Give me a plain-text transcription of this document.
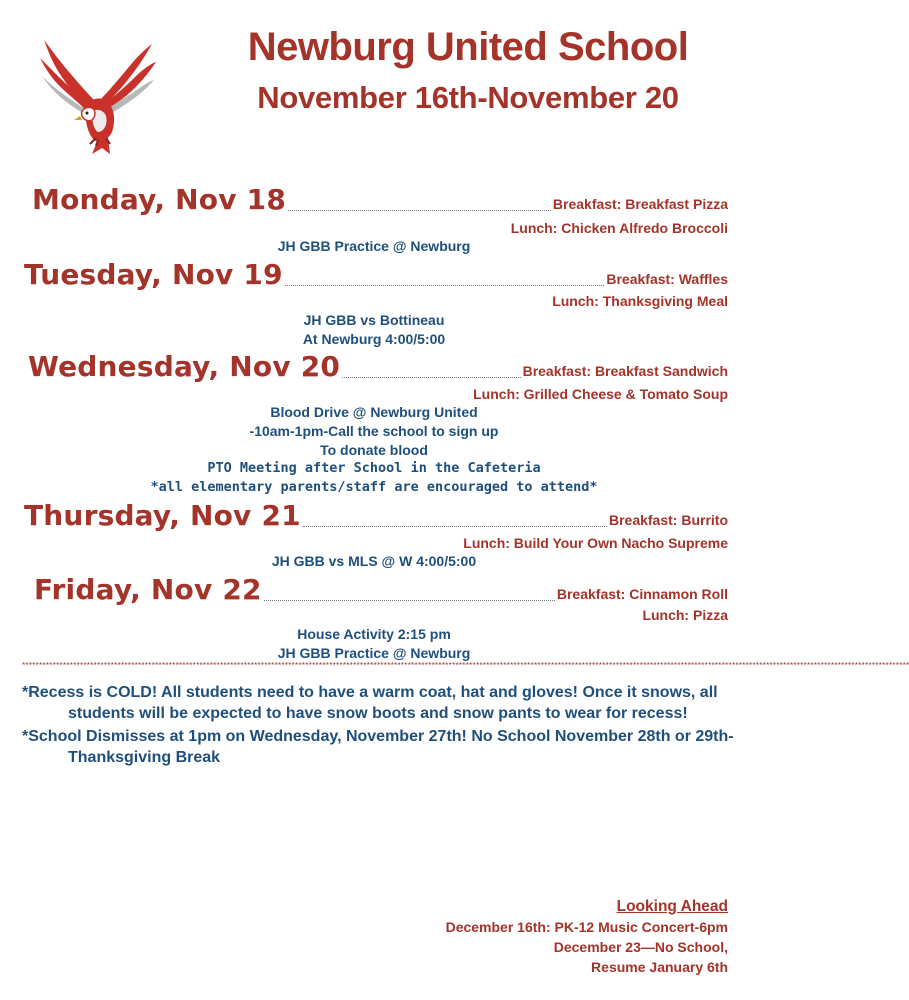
Newburg United School
November 16th-November 20
Monday, Nov 18	Breakfast: Breakfast Pizza
Lunch: Chicken Alfredo Broccoli
JH GBB Practice @ Newburg
Tuesday, Nov 19	Breakfast: Waffles
Lunch: Thanksgiving Meal
JH GBB vs Bottineau
At Newburg 4:00/5:00
Wednesday, Nov 20	Breakfast: Breakfast Sandwich
Lunch: Grilled Cheese & Tomato Soup
Blood Drive @ Newburg United
-10am-1pm-Call the school to sign up
To donate blood
PTO Meeting after School in the Cafeteria
*all elementary parents/staff are encouraged to attend*
Thursday, Nov 21	Breakfast: Burrito
Lunch: Build Your Own Nacho Supreme
JH GBB vs MLS @ W 4:00/5:00
Friday, Nov 22	Breakfast: Cinnamon Roll
Lunch: Pizza
House Activity 2:15 pm
JH GBB Practice @ Newburg
********************************************************************************************************************************************************************************************************************************************************************
*Recess is COLD! All students need to have a warm coat, hat and gloves! Once it snows, all
students will be expected to have snow boots and snow pants to wear for recess!
*School Dismisses at 1pm on Wednesday, November 27th! No School November 28th or 29th-
Thanksgiving Break
Looking Ahead
December 16th: PK-12 Music Concert-6pm
December 23—No School,
Resume January 6th
